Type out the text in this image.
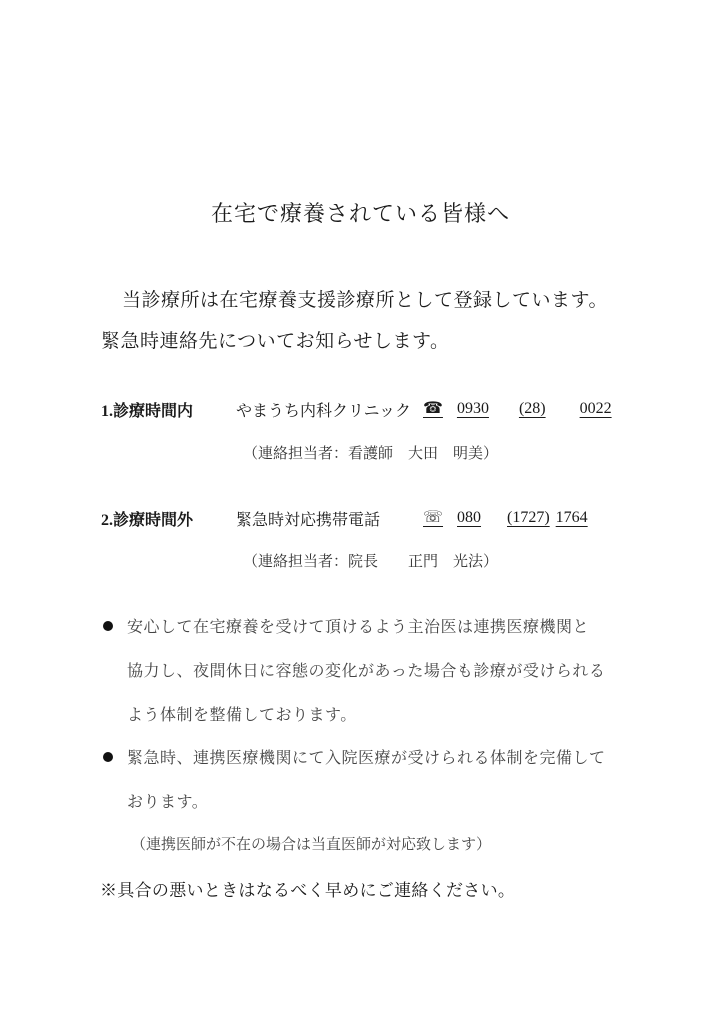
在宅で療養されている皆様へ
当診療所は在宅療養支援診療所として登録しています。
緊急時連絡先についてお知らせします。
1.診療時間内	やまうち内科クリニック ☎ 0930 (28) 0022
（連絡担当者：看護師　大田　明美）
2.診療時間外	緊急時対応携帯電話	☏ 080 (1727) 1764
（連絡担当者：院長　　正門　光法）
安心して在宅療養を受けて頂けるよう主治医は連携医療機関と
協力し、夜間休日に容態の変化があった場合も診療が受けられる
よう体制を整備しております。
緊急時、連携医療機関にて入院医療が受けられる体制を完備して
おります。
（連携医師が不在の場合は当直医師が対応致します）
※具合の悪いときはなるべく早めにご連絡ください。
